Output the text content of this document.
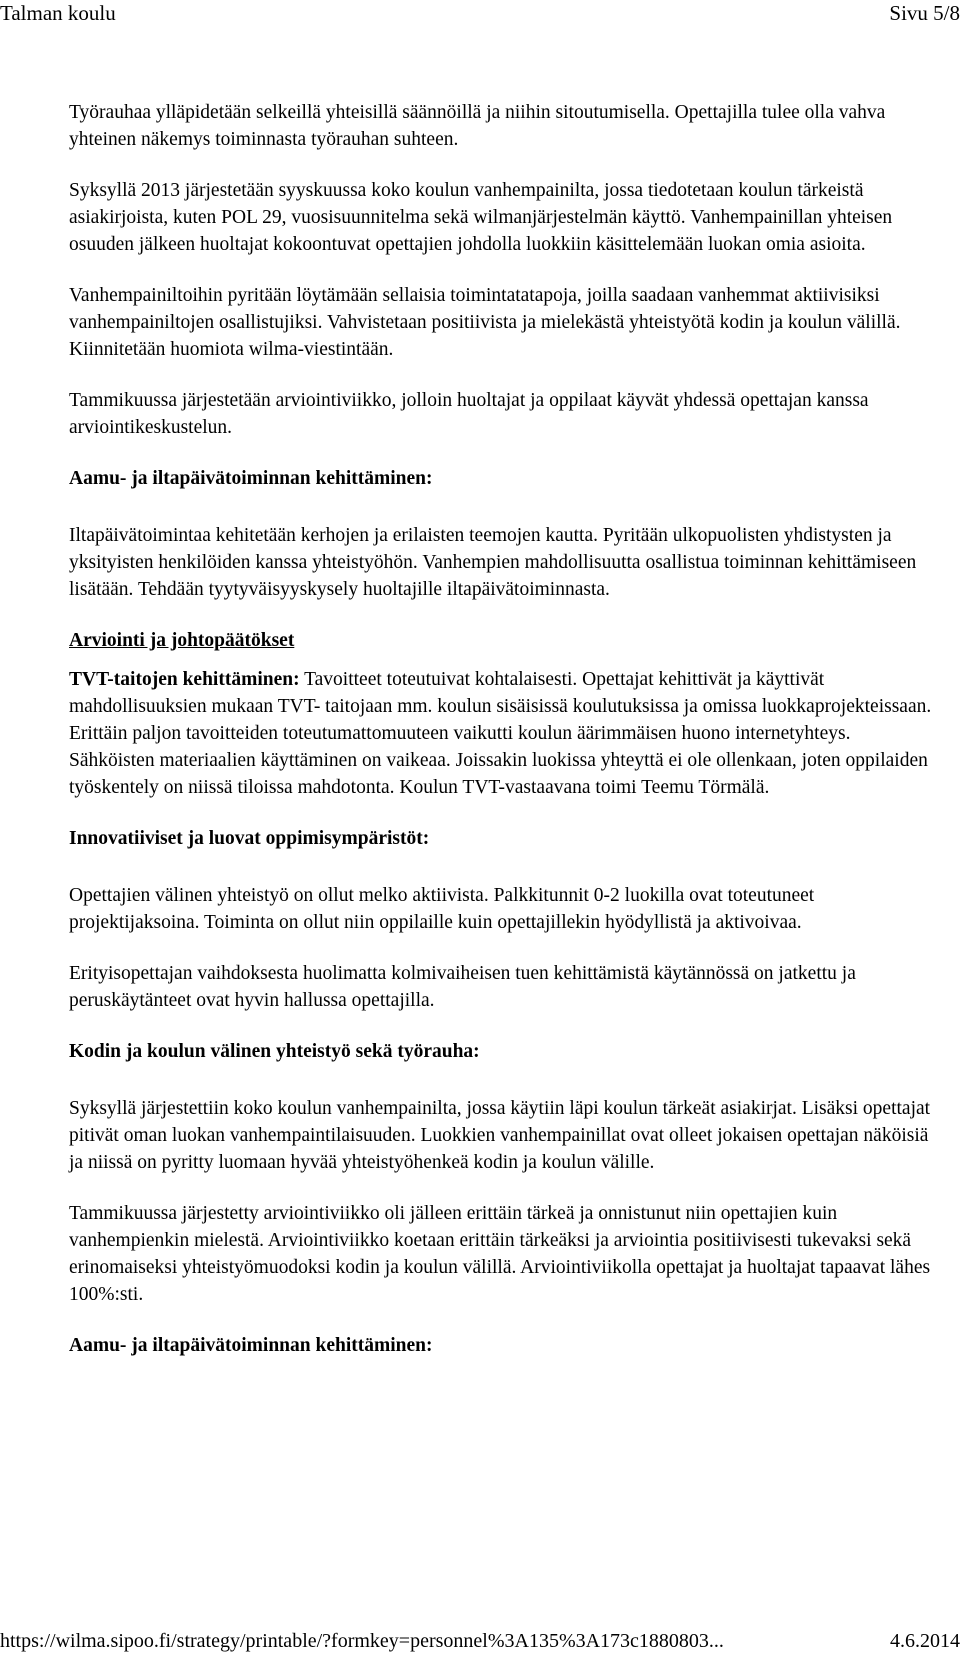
Talman koulu	Sivu 5/8

Työrauhaa ylläpidetään selkeillä yhteisillä säännöillä ja niihin sitoutumisella. Opettajilla tulee olla vahva yhteinen näkemys toiminnasta työrauhan suhteen.

Syksyllä 2013 järjestetään syyskuussa koko koulun vanhempainilta, jossa tiedotetaan koulun tärkeistä asiakirjoista, kuten POL 29, vuosisuunnitelma sekä wilmanjärjestelmän käyttö. Vanhempainillan yhteisen osuuden jälkeen huoltajat kokoontuvat opettajien johdolla luokkiin käsittelemään luokan omia asioita.

Vanhempainiltoihin pyritään löytämään sellaisia toimintatatapoja, joilla saadaan vanhemmat aktiivisiksi vanhempainiltojen osallistujiksi. Vahvistetaan positiivista ja mielekästä yhteistyötä kodin ja koulun välillä. Kiinnitetään huomiota wilma-viestintään.

Tammikuussa järjestetään arviointiviikko, jolloin huoltajat ja oppilaat käyvät yhdessä opettajan kanssa arviointikeskustelun.

Aamu- ja iltapäivätoiminnan kehittäminen:

Iltapäivätoimintaa kehitetään kerhojen ja erilaisten teemojen kautta. Pyritään ulkopuolisten yhdistysten ja yksityisten henkilöiden kanssa yhteistyöhön. Vanhempien mahdollisuutta osallistua toiminnan kehittämiseen lisätään. Tehdään tyytyväisyyskysely huoltajille iltapäivätoiminnasta.

Arviointi ja johtopäätökset

TVT-taitojen kehittäminen: Tavoitteet toteutuivat kohtalaisesti. Opettajat kehittivät ja käyttivät mahdollisuuksien mukaan TVT- taitojaan mm. koulun sisäisissä koulutuksissa ja omissa luokkaprojekteissaan. Erittäin paljon tavoitteiden toteutumattomuuteen vaikutti koulun äärimmäisen huono internetyhteys. Sähköisten materiaalien käyttäminen on vaikeaa. Joissakin luokissa yhteyttä ei ole ollenkaan, joten oppilaiden työskentely on niissä tiloissa mahdotonta. Koulun TVT-vastaavana toimi Teemu Törmälä.

Innovatiiviset ja luovat oppimisympäristöt:

Opettajien välinen yhteistyö on ollut melko aktiivista. Palkkitunnit 0-2 luokilla ovat toteutuneet projektijaksoina. Toiminta on ollut niin oppilaille kuin opettajillekin hyödyllistä ja aktivoivaa.

Erityisopettajan vaihdoksesta huolimatta kolmivaiheisen tuen kehittämistä käytännössä on jatkettu ja peruskäytänteet ovat hyvin hallussa opettajilla.

Kodin ja koulun välinen yhteistyö sekä työrauha:

Syksyllä järjestettiin koko koulun vanhempainilta, jossa käytiin läpi koulun tärkeät asiakirjat. Lisäksi opettajat pitivät oman luokan vanhempaintilaisuuden. Luokkien vanhempainillat ovat olleet jokaisen opettajan näköisiä ja niissä on pyritty luomaan hyvää yhteistyöhenkeä kodin ja koulun välille.

Tammikuussa järjestetty arviointiviikko oli jälleen erittäin tärkeä ja onnistunut niin opettajien kuin vanhempienkin mielestä. Arviointiviikko koetaan erittäin tärkeäksi ja arviointia positiivisesti tukevaksi sekä erinomaiseksi yhteistyömuodoksi kodin ja koulun välillä. Arviointiviikolla opettajat ja huoltajat tapaavat lähes 100%:sti.

Aamu- ja iltapäivätoiminnan kehittäminen:
https://wilma.sipoo.fi/strategy/printable/?formkey=personnel%3A135%3A173c1880803...	4.6.2014
